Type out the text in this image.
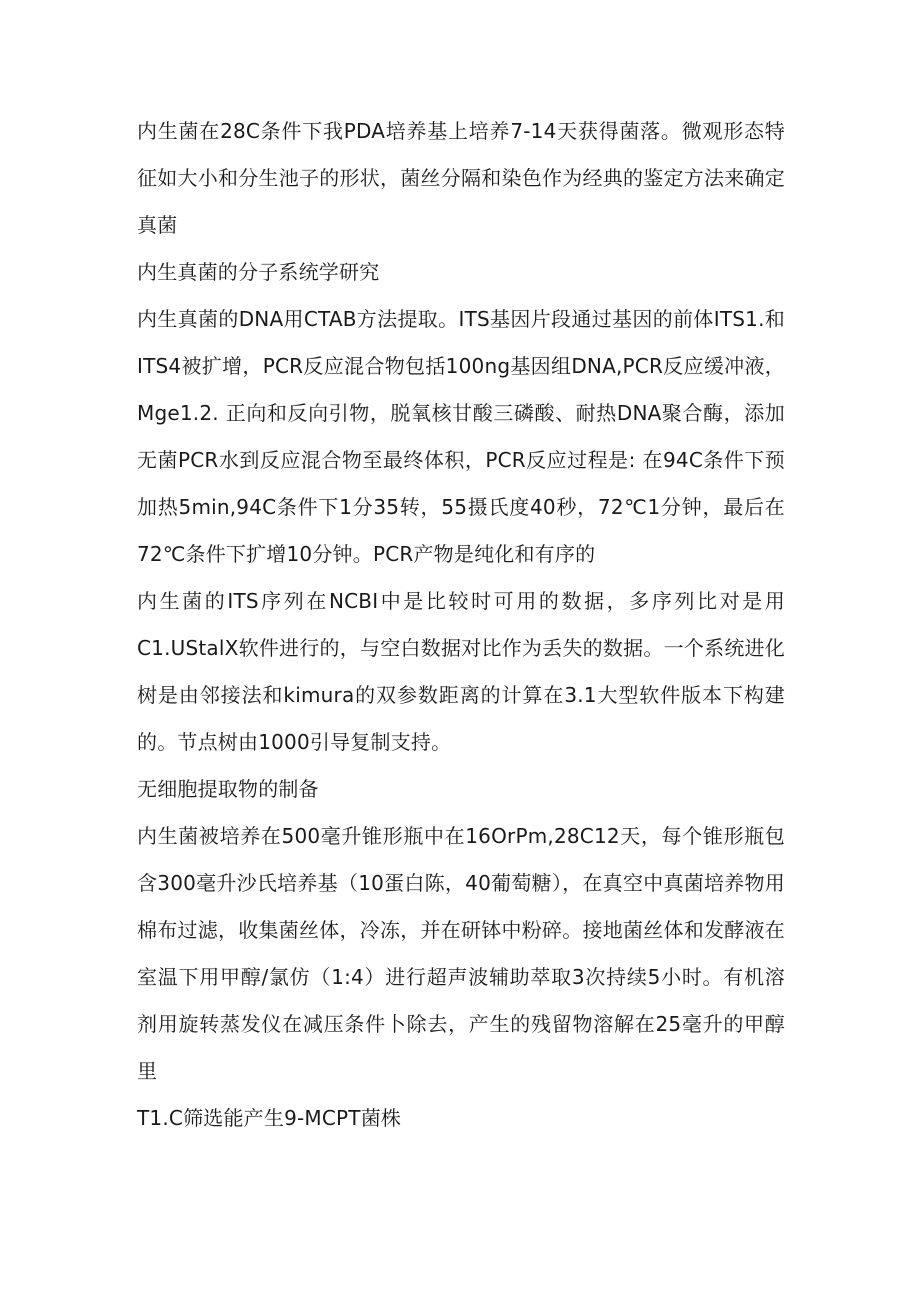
内生菌在28C条件下我PDA培养基上培养7-14天获得菌落。微观形态特征如大小和分生池子的形状，菌丝分隔和染色作为经典的鉴定方法来确定真菌

内生真菌的分子系统学研究

内生真菌的DNA用CTAB方法提取。ITS基因片段通过基因的前体ITS1.和ITS4被扩增，PCR反应混合物包括100ng基因组DNA,PCR反应缓冲液，Mge1.2. 正向和反向引物，脱氧核甘酸三磷酸、耐热DNA聚合酶，添加无菌PCR水到反应混合物至最终体积，PCR反应过程是: 在94C条件下预加热5min,94C条件下1分35转，55摄氏度40秒，72℃1分钟，最后在72℃条件下扩增10分钟。PCR产物是纯化和有序的

内生菌的ITS序列在NCBI中是比较时可用的数据，多序列比对是用C1.UStalX软件进行的，与空白数据对比作为丢失的数据。一个系统进化树是由邻接法和kimura的双参数距离的计算在3.1大型软件版本下构建的。节点树由1000引导复制支持。

无细胞提取物的制备

内生菌被培养在500毫升锥形瓶中在16OrPm,28C12天，每个锥形瓶包含300毫升沙氏培养基（10蛋白陈，40葡萄糖），在真空中真菌培养物用棉布过滤，收集菌丝体，冷冻，并在研钵中粉碎。接地菌丝体和发酵液在室温下用甲醇/氯仿（1:4）进行超声波辅助萃取3次持续5小时。有机溶剂用旋转蒸发仪在减压条件卜除去，产生的残留物溶解在25毫升的甲醇里

T1.C筛选能产生9-MCPT菌株
